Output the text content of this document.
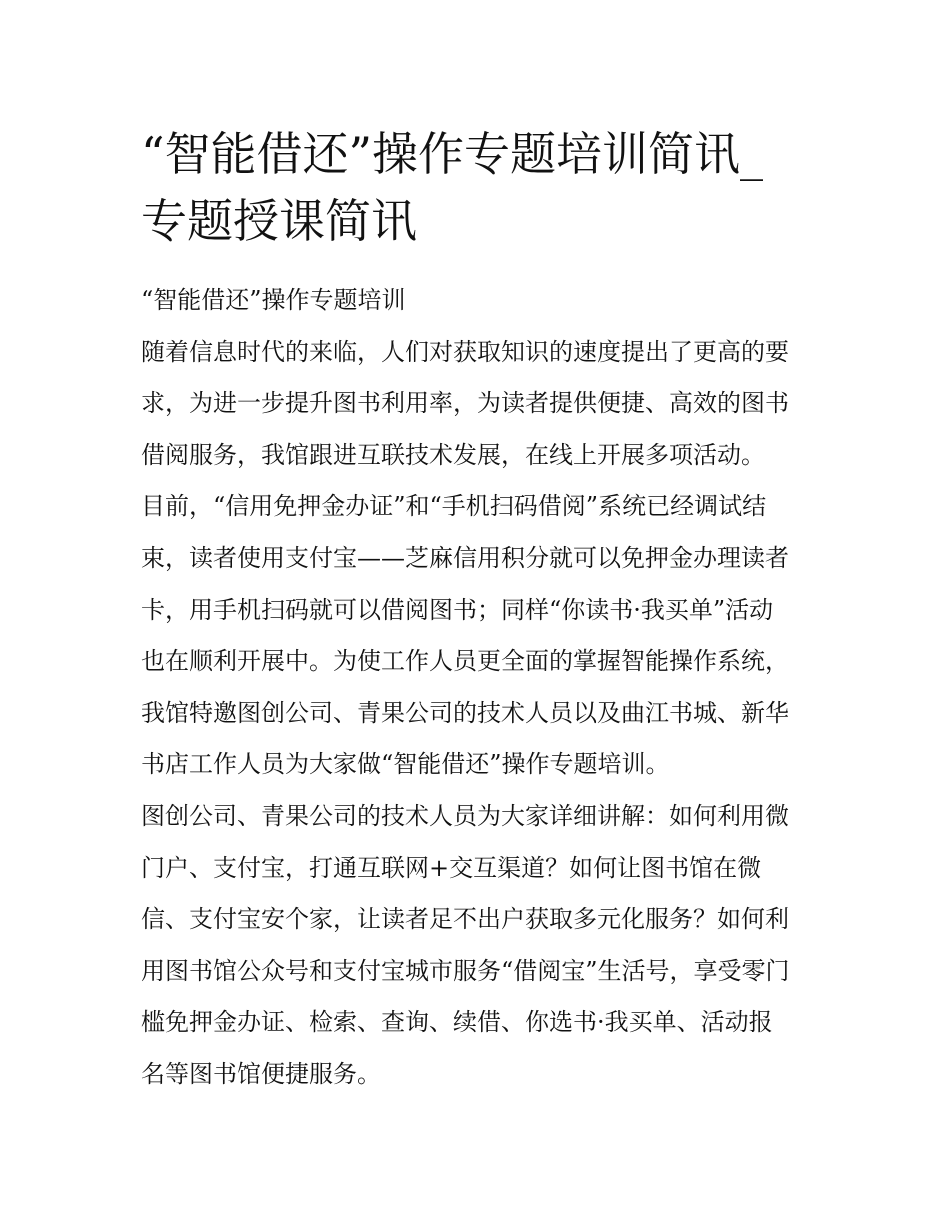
“智能借还”操作专题培训简讯_
专题授课简讯
“智能借还”操作专题培训
随着信息时代的来临，人们对获取知识的速度提出了更高的要
求，为进一步提升图书利用率，为读者提供便捷、高效的图书
借阅服务，我馆跟进互联技术发展，在线上开展多项活动。
目前，“信用免押金办证”和“手机扫码借阅”系统已经调试结
束，读者使用支付宝——芝麻信用积分就可以免押金办理读者
卡，用手机扫码就可以借阅图书；同样“你读书·我买单”活动
也在顺利开展中。为使工作人员更全面的掌握智能操作系统，
我馆特邀图创公司、青果公司的技术人员以及曲江书城、新华
书店工作人员为大家做“智能借还”操作专题培训。
图创公司、青果公司的技术人员为大家详细讲解：如何利用微
门户、支付宝，打通互联网+交互渠道？如何让图书馆在微
信、支付宝安个家，让读者足不出户获取多元化服务？如何利
用图书馆公众号和支付宝城市服务“借阅宝”生活号，享受零门
槛免押金办证、检索、查询、续借、你选书·我买单、活动报
名等图书馆便捷服务。
